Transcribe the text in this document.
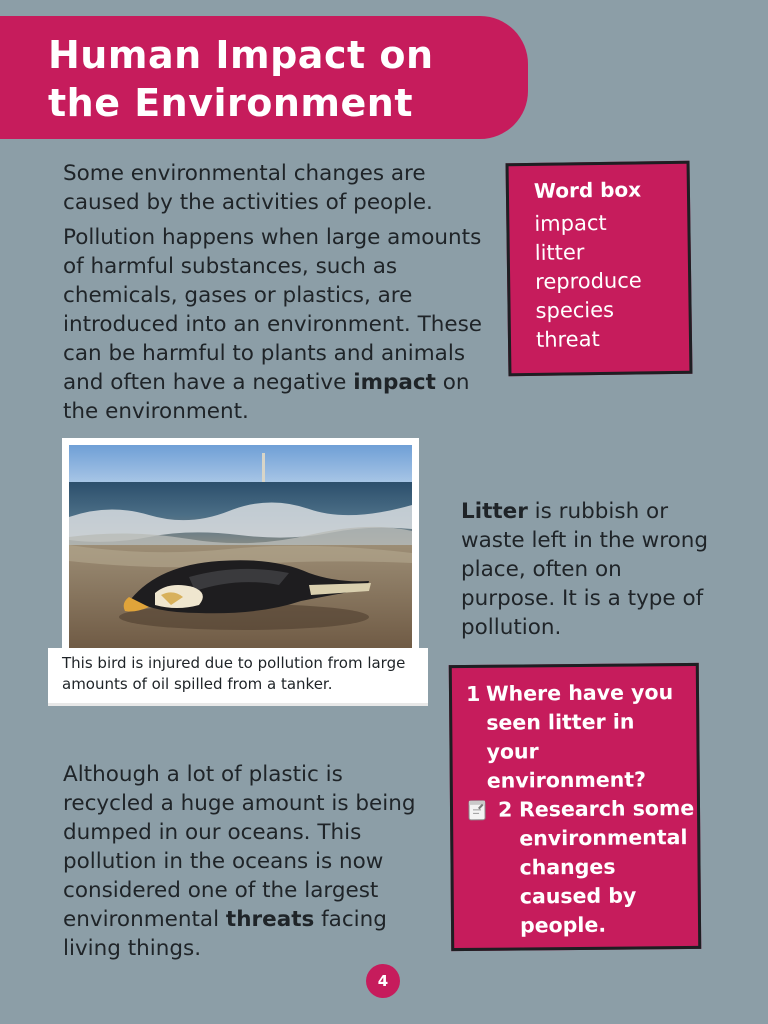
Human Impact on the Environment

Some environmental changes are caused by the activities of people.

Pollution happens when large amounts of harmful substances, such as chemicals, gases or plastics, are introduced into an environment. These can be harmful to plants and animals and often have a negative impact on the environment.

Word box
impact
litter
reproduce
species
threat
This bird is injured due to pollution from large amounts of oil spilled from a tanker.
Litter is rubbish or waste left in the wrong place, often on purpose. It is a type of pollution.
1 Where have you seen litter in your environment?
2 Research some environmental changes caused by people.
Although a lot of plastic is recycled a huge amount is being dumped in our oceans. This pollution in the oceans is now considered one of the largest environmental threats facing living things.
4
